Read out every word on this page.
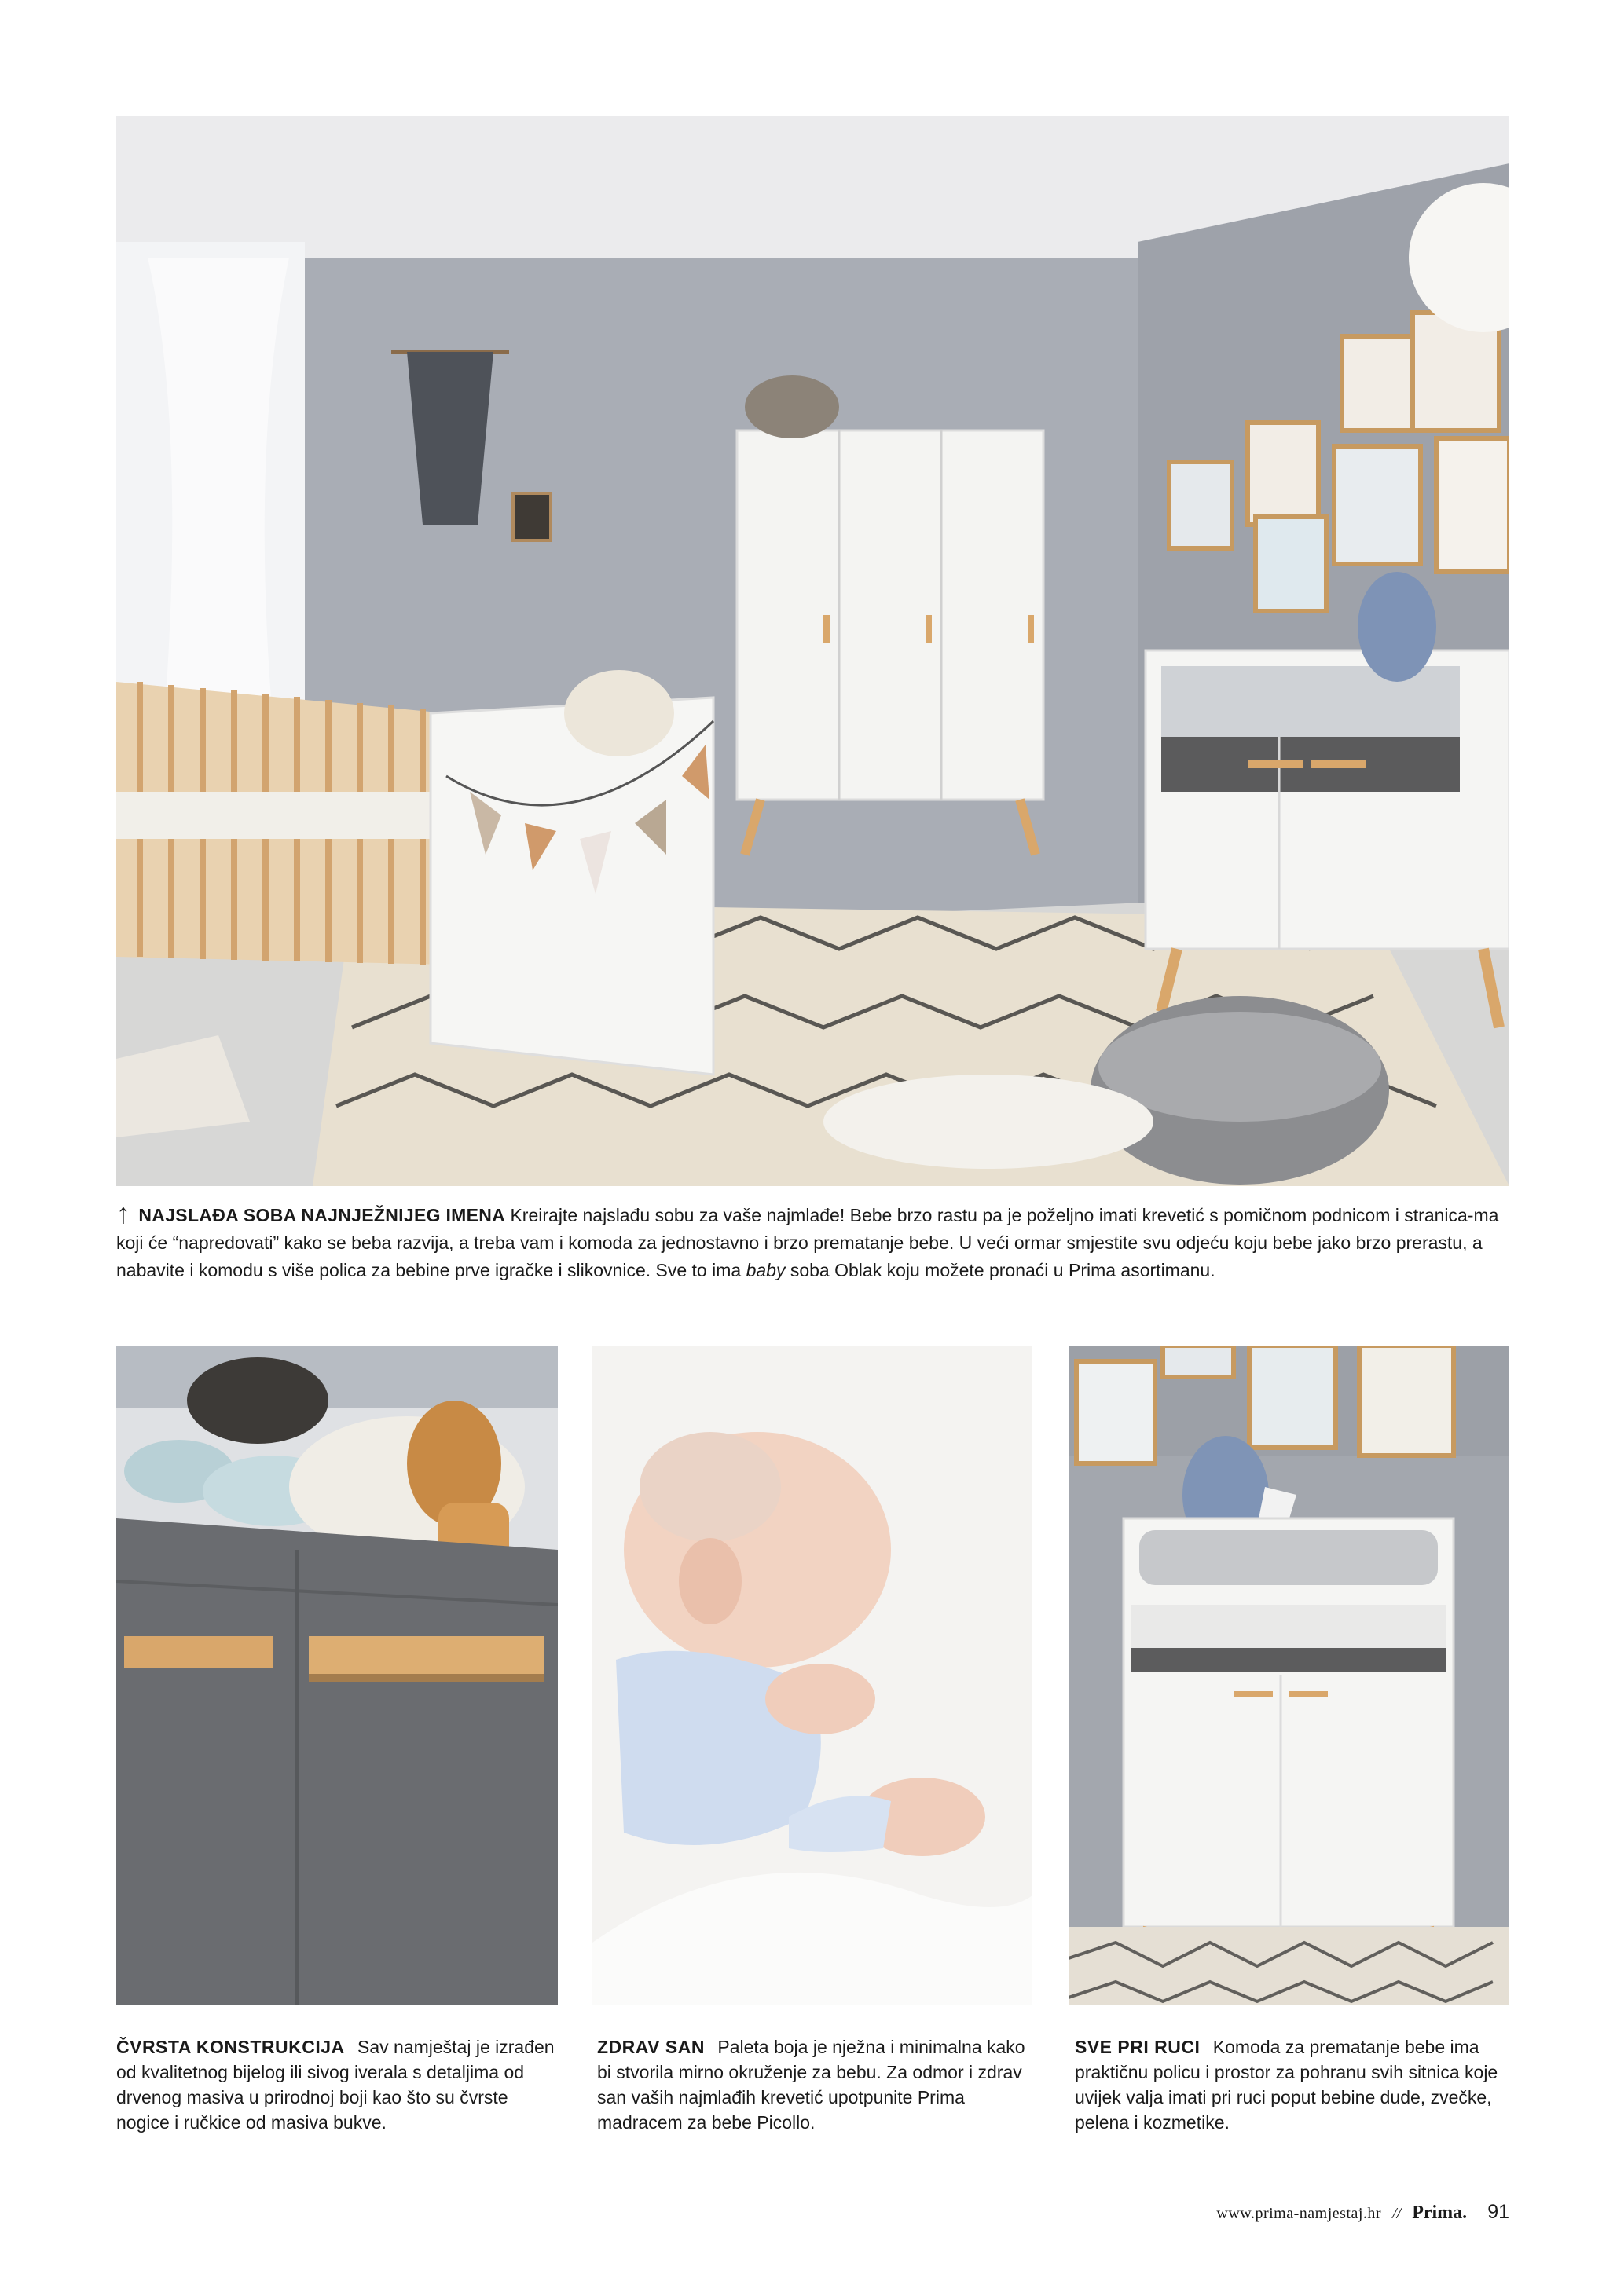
↑ NAJSLAĐA SOBA NAJNJEŽNIJEG IMENA Kreirajte najslađu sobu za vaše najmlađe! Bebe brzo rastu pa je poželjno imati krevetić s pomičnom podnicom i stranica-ma koji će “napredovati” kako se beba razvija, a treba vam i komoda za jednostavno i brzo prematanje bebe. U veći ormar smjestite svu odjeću koju bebe jako brzo prerastu, a nabavite i komodu s više polica za bebine prve igračke i slikovnice. Sve to ima baby soba Oblak koju možete pronaći u Prima asortimanu.
ČVRSTA KONSTRUKCIJA Sav namještaj je izrađen od kvalitetnog bijelog ili sivog iverala s detaljima od drvenog masiva u prirodnoj boji kao što su čvrste nogice i ručkice od masiva bukve.
ZDRAV SAN Paleta boja je nježna i minimalna kako bi stvorila mirno okruženje za bebu. Za odmor i zdrav san vaših najmlađih krevetić upotpunite Prima madracem za bebe Picollo.
SVE PRI RUCI Komoda za prematanje bebe ima praktičnu policu i prostor za pohranu svih sitnica koje uvijek valja imati pri ruci poput bebine dude, zvečke, pelena i kozmetike.
www.prima-namjestaj.hr // Prima. 91
